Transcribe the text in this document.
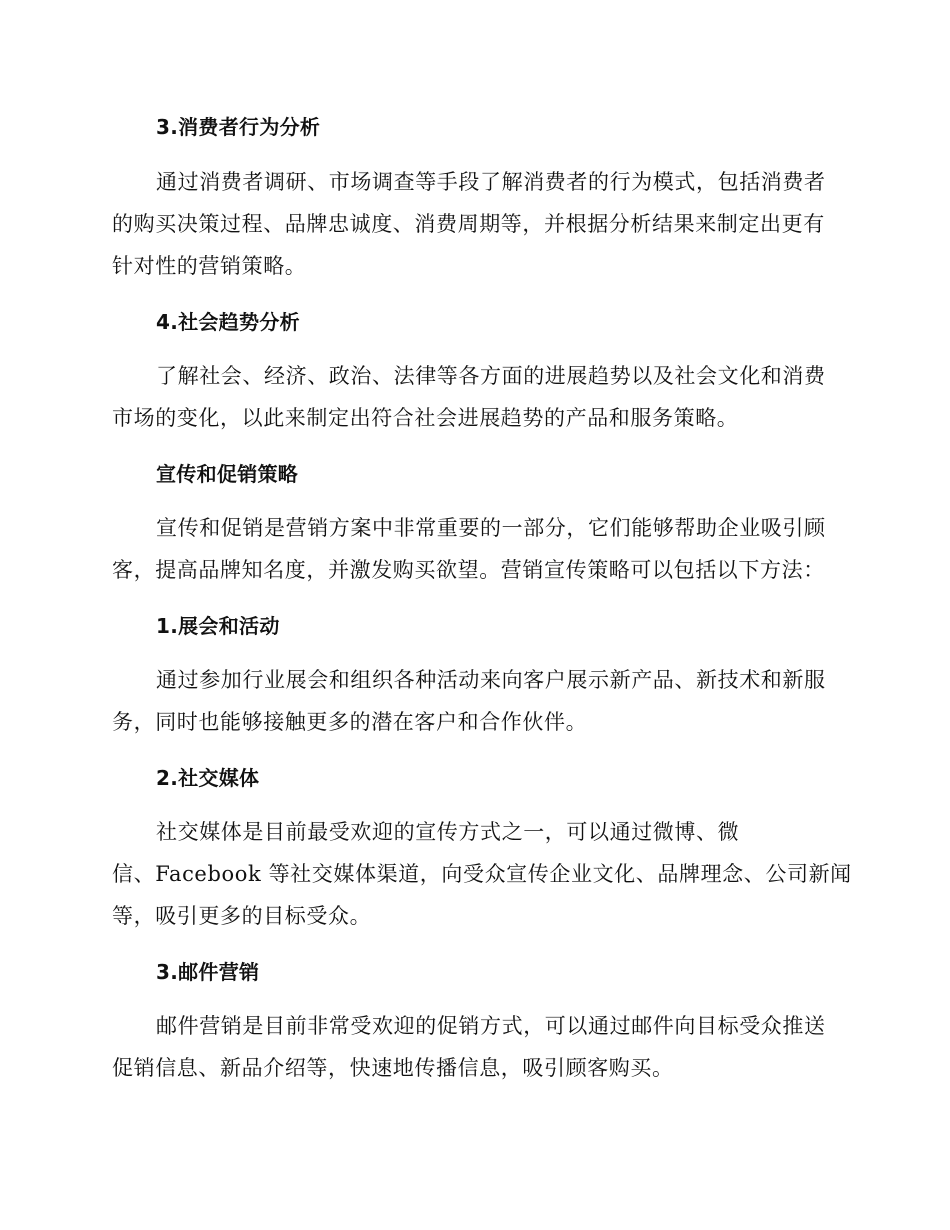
3.消费者行为分析

通过消费者调研、市场调查等手段了解消费者的行为模式，包括消费者
的购买决策过程、品牌忠诚度、消费周期等，并根据分析结果来制定出更有
针对性的营销策略。

4.社会趋势分析

了解社会、经济、政治、法律等各方面的进展趋势以及社会文化和消费
市场的变化，以此来制定出符合社会进展趋势的产品和服务策略。

宣传和促销策略

宣传和促销是营销方案中非常重要的一部分，它们能够帮助企业吸引顾
客，提高品牌知名度，并激发购买欲望。营销宣传策略可以包括以下方法：

1.展会和活动

通过参加行业展会和组织各种活动来向客户展示新产品、新技术和新服
务，同时也能够接触更多的潜在客户和合作伙伴。

2.社交媒体

社交媒体是目前最受欢迎的宣传方式之一，可以通过微博、微
信、Facebook 等社交媒体渠道，向受众宣传企业文化、品牌理念、公司新闻
等，吸引更多的目标受众。

3.邮件营销

邮件营销是目前非常受欢迎的促销方式，可以通过邮件向目标受众推送
促销信息、新品介绍等，快速地传播信息，吸引顾客购买。
